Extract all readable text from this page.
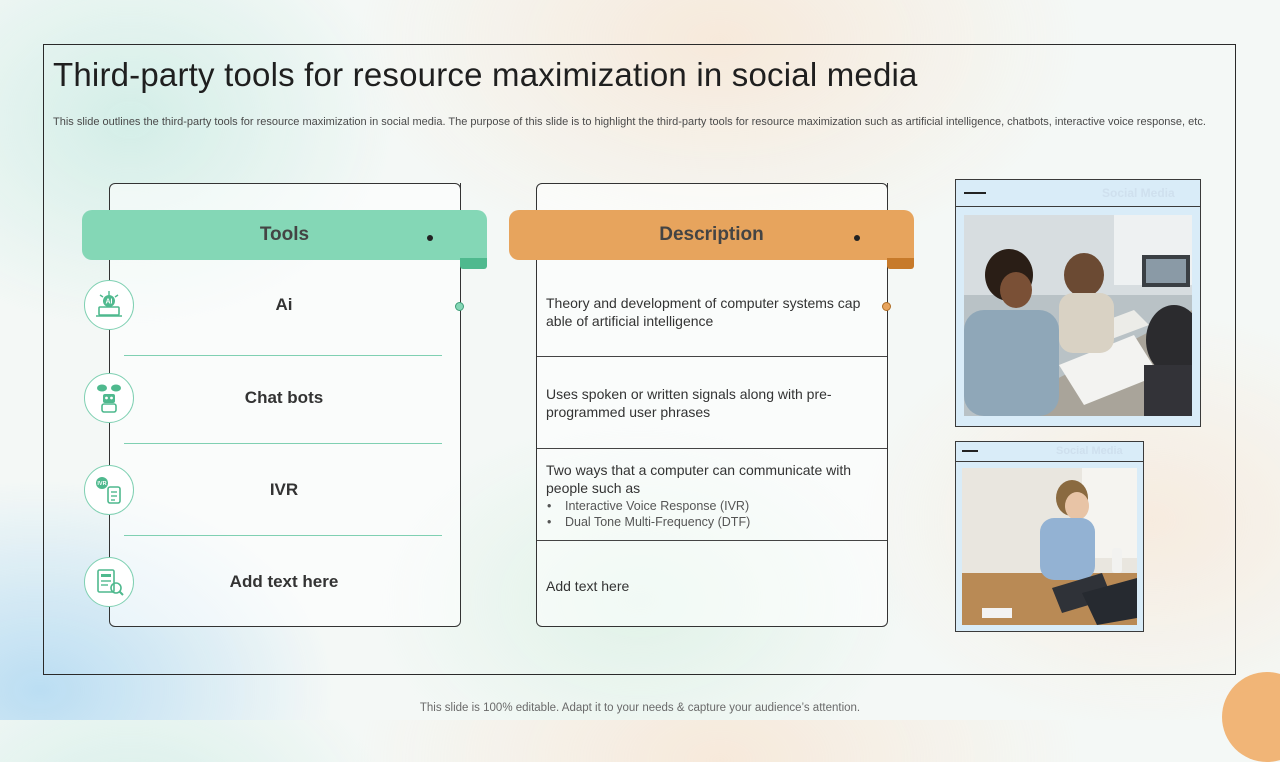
Third-party tools for resource maximization in social media

This slide outlines the third-party tools for resource maximization in social media. The purpose of this slide is to highlight the third-party tools for resource maximization such as artificial intelligence, chatbots, interactive voice response, etc.

Tools
AI	Ai
Chat bots
IVR	IVR
Add text here
Description
Theory and development of computer systems cap able of artificial intelligence
Uses spoken or written signals along with pre-programmed user phrases
Two ways that a computer can communicate with people such as
• Interactive Voice Response (IVR)
• Dual Tone Multi-Frequency (DTF)
Add text here
Social Media
Social Media
This slide is 100% editable. Adapt it to your needs & capture your audience’s attention.
